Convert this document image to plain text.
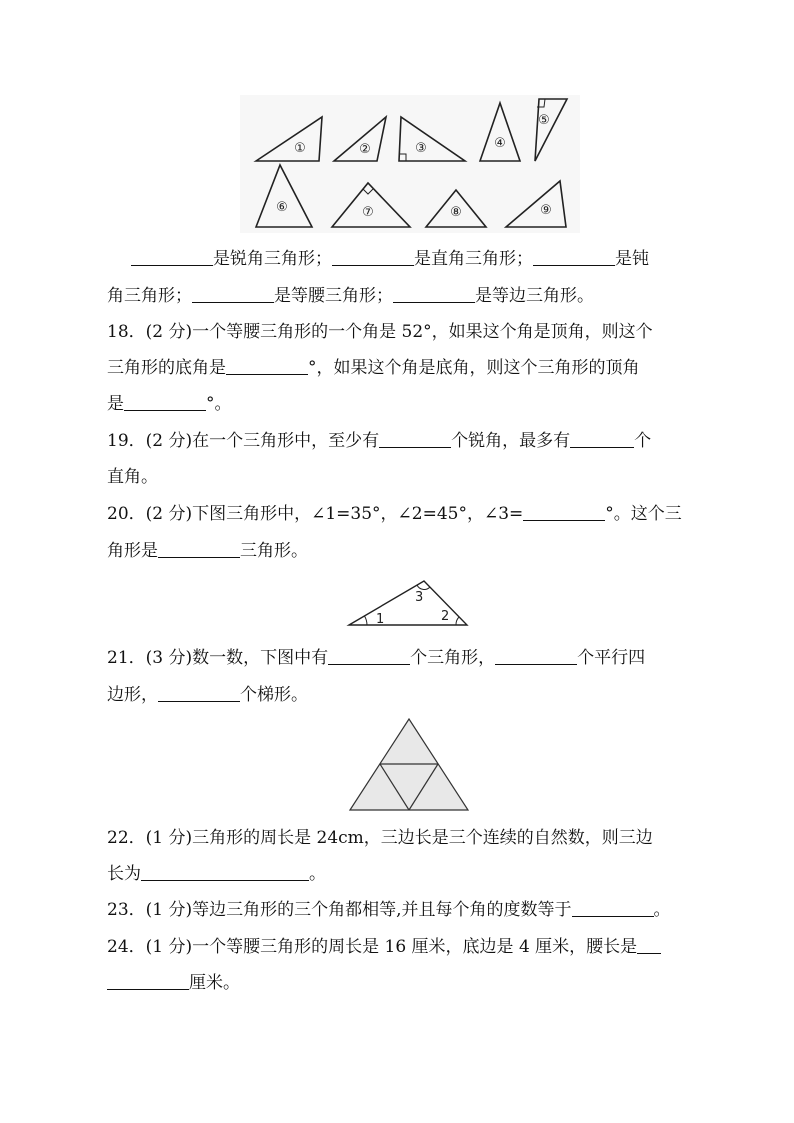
①	②	③	④
⑤
⑥	⑦	⑧	⑨
是锐角三角形；	是直角三角形；	是钝
角三角形；	是等腰三角形；	是等边三角形。
18．(2 分)一个等腰三角形的一个角是 52°，如果这个角是顶角，则这个
三角形的底角是	°，如果这个角是底角，则这个三角形的顶角
是	°。
19．(2 分)在一个三角形中，至少有	个锐角，最多有	个
直角。
20．(2 分)下图三角形中，∠1=35°，∠2=45°，∠3=	°。这个三
角形是	三角形。
1	2
3
21．(3 分)数一数，下图中有	个三角形，	个平行四
边形，	个梯形。
22．(1 分)三角形的周长是 24cm，三边长是三个连续的自然数，则三边
长为	。
23．(1 分)等边三角形的三个角都相等,并且每个角的度数等于	。
24．(1 分)一个等腰三角形的周长是 16 厘米，底边是 4 厘米，腰长是
厘米。
